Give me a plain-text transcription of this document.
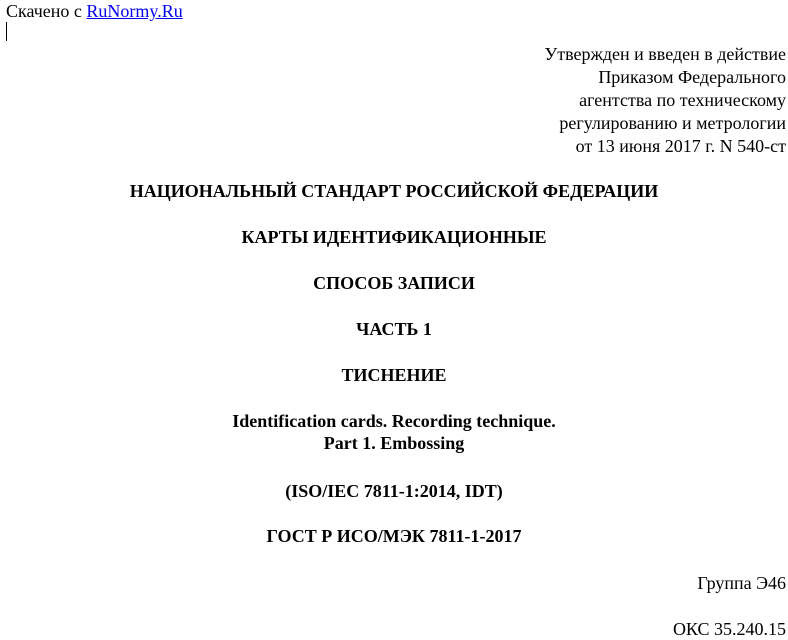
Скачено с RuNormy.Ru
Утвержден и введен в действие
Приказом Федерального
агентства по техническому
регулированию и метрологии
от 13 июня 2017 г. N 540-ст
НАЦИОНАЛЬНЫЙ СТАНДАРТ РОССИЙСКОЙ ФЕДЕРАЦИИ
КАРТЫ ИДЕНТИФИКАЦИОННЫЕ
СПОСОБ ЗАПИСИ
ЧАСТЬ 1
ТИСНЕНИЕ
Identification cards. Recording technique.
Part 1. Embossing
(ISO/IEC 7811-1:2014, IDT)
ГОСТ Р ИСО/МЭК 7811-1-2017
Группа Э46
ОКС 35.240.15
